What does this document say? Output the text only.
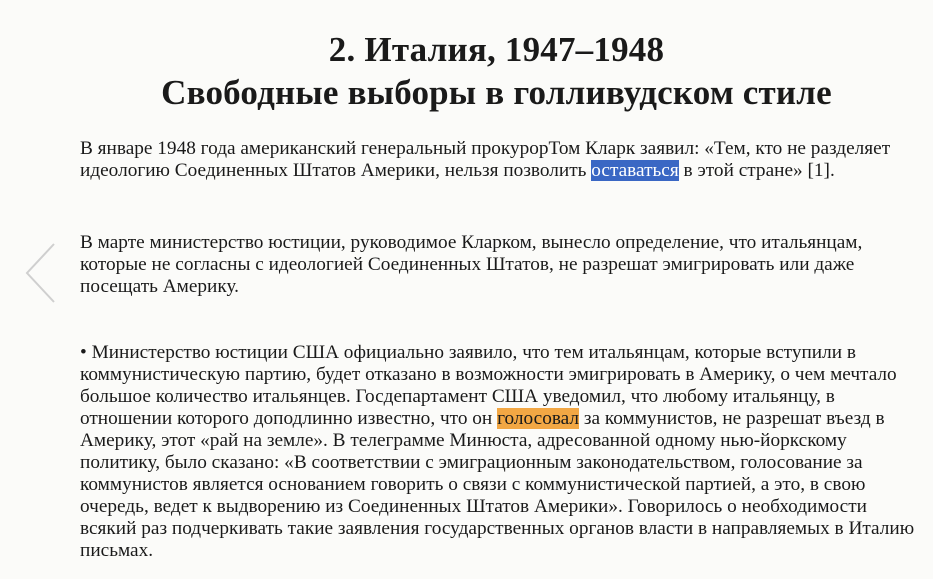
2. Италия, 1947–1948
Свободные выборы в голливудском стиле

В январе 1948 года американский генеральный прокурорТом Кларк заявил: «Тем, кто не разделяет идеологию Соединенных Штатов Америки, нельзя позволить оставаться в этой стране» [1].

В марте министерство юстиции, руководимое Кларком, вынесло определение, что итальянцам, которые не согласны с идеологией Соединенных Штатов, не разрешат эмигрировать или даже посещать Америку.

• Министерство юстиции США официально заявило, что тем итальянцам, которые вступили в коммунистическую партию, будет отказано в возможности эмигрировать в Америку, о чем мечтало большое количество итальянцев. Госдепартамент США уведомил, что любому итальянцу, в отношении которого доподлинно известно, что он голосовал за коммунистов, не разрешат въезд в Америку, этот «рай на земле». В телеграмме Минюста, адресованной одному нью-йоркскому политику, было сказано: «В соответствии с эмиграционным законодательством, голосование за коммунистов является основанием говорить о связи с коммунистической партией, а это, в свою очередь, ведет к выдворению из Соединенных Штатов Америки». Говорилось о необходимости всякий раз подчеркивать такие заявления государственных органов власти в направляемых в Италию письмах.
